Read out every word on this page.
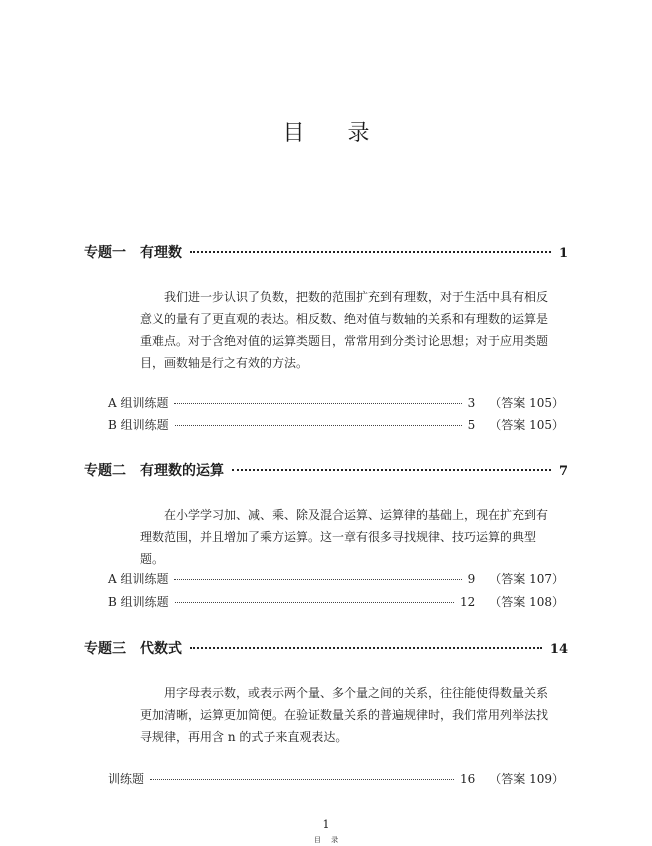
目 录
专题一 有理数	1
我们进一步认识了负数，把数的范围扩充到有理数，对于生活中具有相反意义的量有了更直观的表达。相反数、绝对值与数轴的关系和有理数的运算是重难点。对于含绝对值的运算类题目，常常用到分类讨论思想；对于应用类题目，画数轴是行之有效的方法。
A 组训练题	3 （答案 105）
B 组训练题	5 （答案 105）
专题二 有理数的运算	7
在小学学习加、减、乘、除及混合运算、运算律的基础上，现在扩充到有理数范围，并且增加了乘方运算。这一章有很多寻找规律、技巧运算的典型题。
A 组训练题	9 （答案 107）
B 组训练题	12 （答案 108）
专题三 代数式	14
用字母表示数，或表示两个量、多个量之间的关系，往往能使得数量关系更加清晰，运算更加简便。在验证数量关系的普遍规律时，我们常用列举法找寻规律，再用含 n 的式子来直观表达。
训练题	16 （答案 109）
1
目 录
